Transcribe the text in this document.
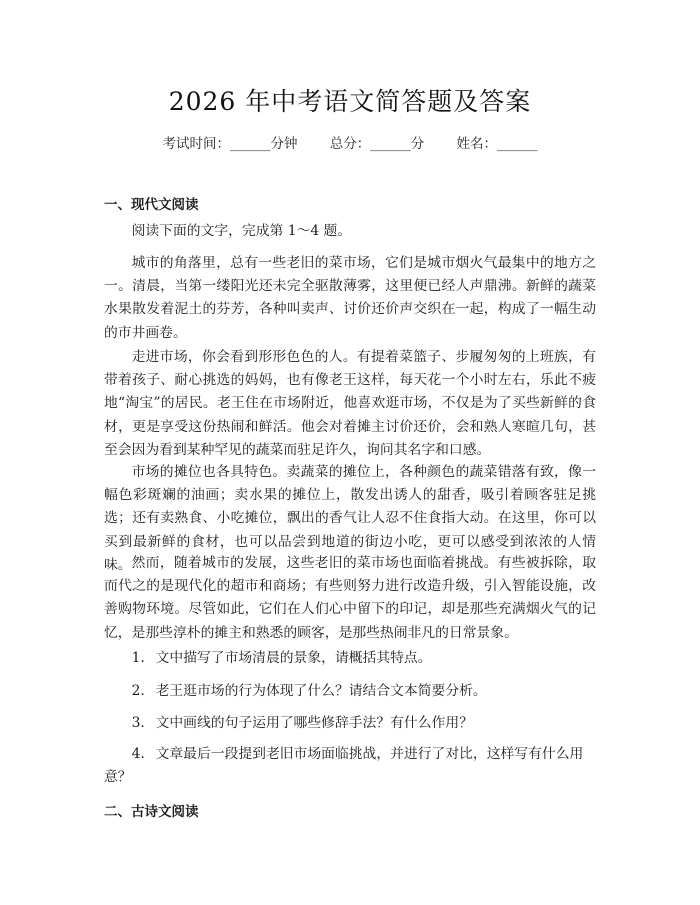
2026 年中考语文简答题及答案
考试时间：______分钟 总分：______分 姓名：______
一、现代文阅读

阅读下面的文字，完成第 1～4 题。

城市的角落里，总有一些老旧的菜市场，它们是城市烟火气最集中的地方之一。清晨，当第一缕阳光还未完全驱散薄雾，这里便已经人声鼎沸。新鲜的蔬菜水果散发着泥土的芬芳，各种叫卖声、讨价还价声交织在一起，构成了一幅生动的市井画卷。

走进市场，你会看到形形色色的人。有提着菜篮子、步履匆匆的上班族，有带着孩子、耐心挑选的妈妈，也有像老王这样，每天花一个小时左右，乐此不疲地“淘宝”的居民。老王住在市场附近，他喜欢逛市场，不仅是为了买些新鲜的食材，更是享受这份热闹和鲜活。他会对着摊主讨价还价，会和熟人寒暄几句，甚至会因为看到某种罕见的蔬菜而驻足许久，询问其名字和口感。

市场的摊位也各具特色。卖蔬菜的摊位上，各种颜色的蔬菜错落有致，像一幅色彩斑斓的油画；卖水果的摊位上，散发出诱人的甜香，吸引着顾客驻足挑选；还有卖熟食、小吃摊位，飘出的香气让人忍不住食指大动。在这里，你可以买到最新鲜的食材，也可以品尝到地道的街边小吃，更可以感受到浓浓的人情味。 然而，随着城市的发展，这些老旧的菜市场也面临着挑战。有些被拆除，取而代之的是现代化的超市和商场；有些则努力进行改造升级，引入智能设施，改善购物环境。尽管如此，它们在人们心中留下的印记，却是那些充满烟火气的记忆，是那些淳朴的摊主和熟悉的顾客，是那些热闹非凡的日常景象。

1. 文中描写了市场清晨的景象，请概括其特点。

2. 老王逛市场的行为体现了什么？请结合文本简要分析。

3. 文中画线的句子运用了哪些修辞手法？有什么作用？

4. 文章最后一段提到老旧市场面临挑战，并进行了对比，这样写有什么用意？

二、古诗文阅读
